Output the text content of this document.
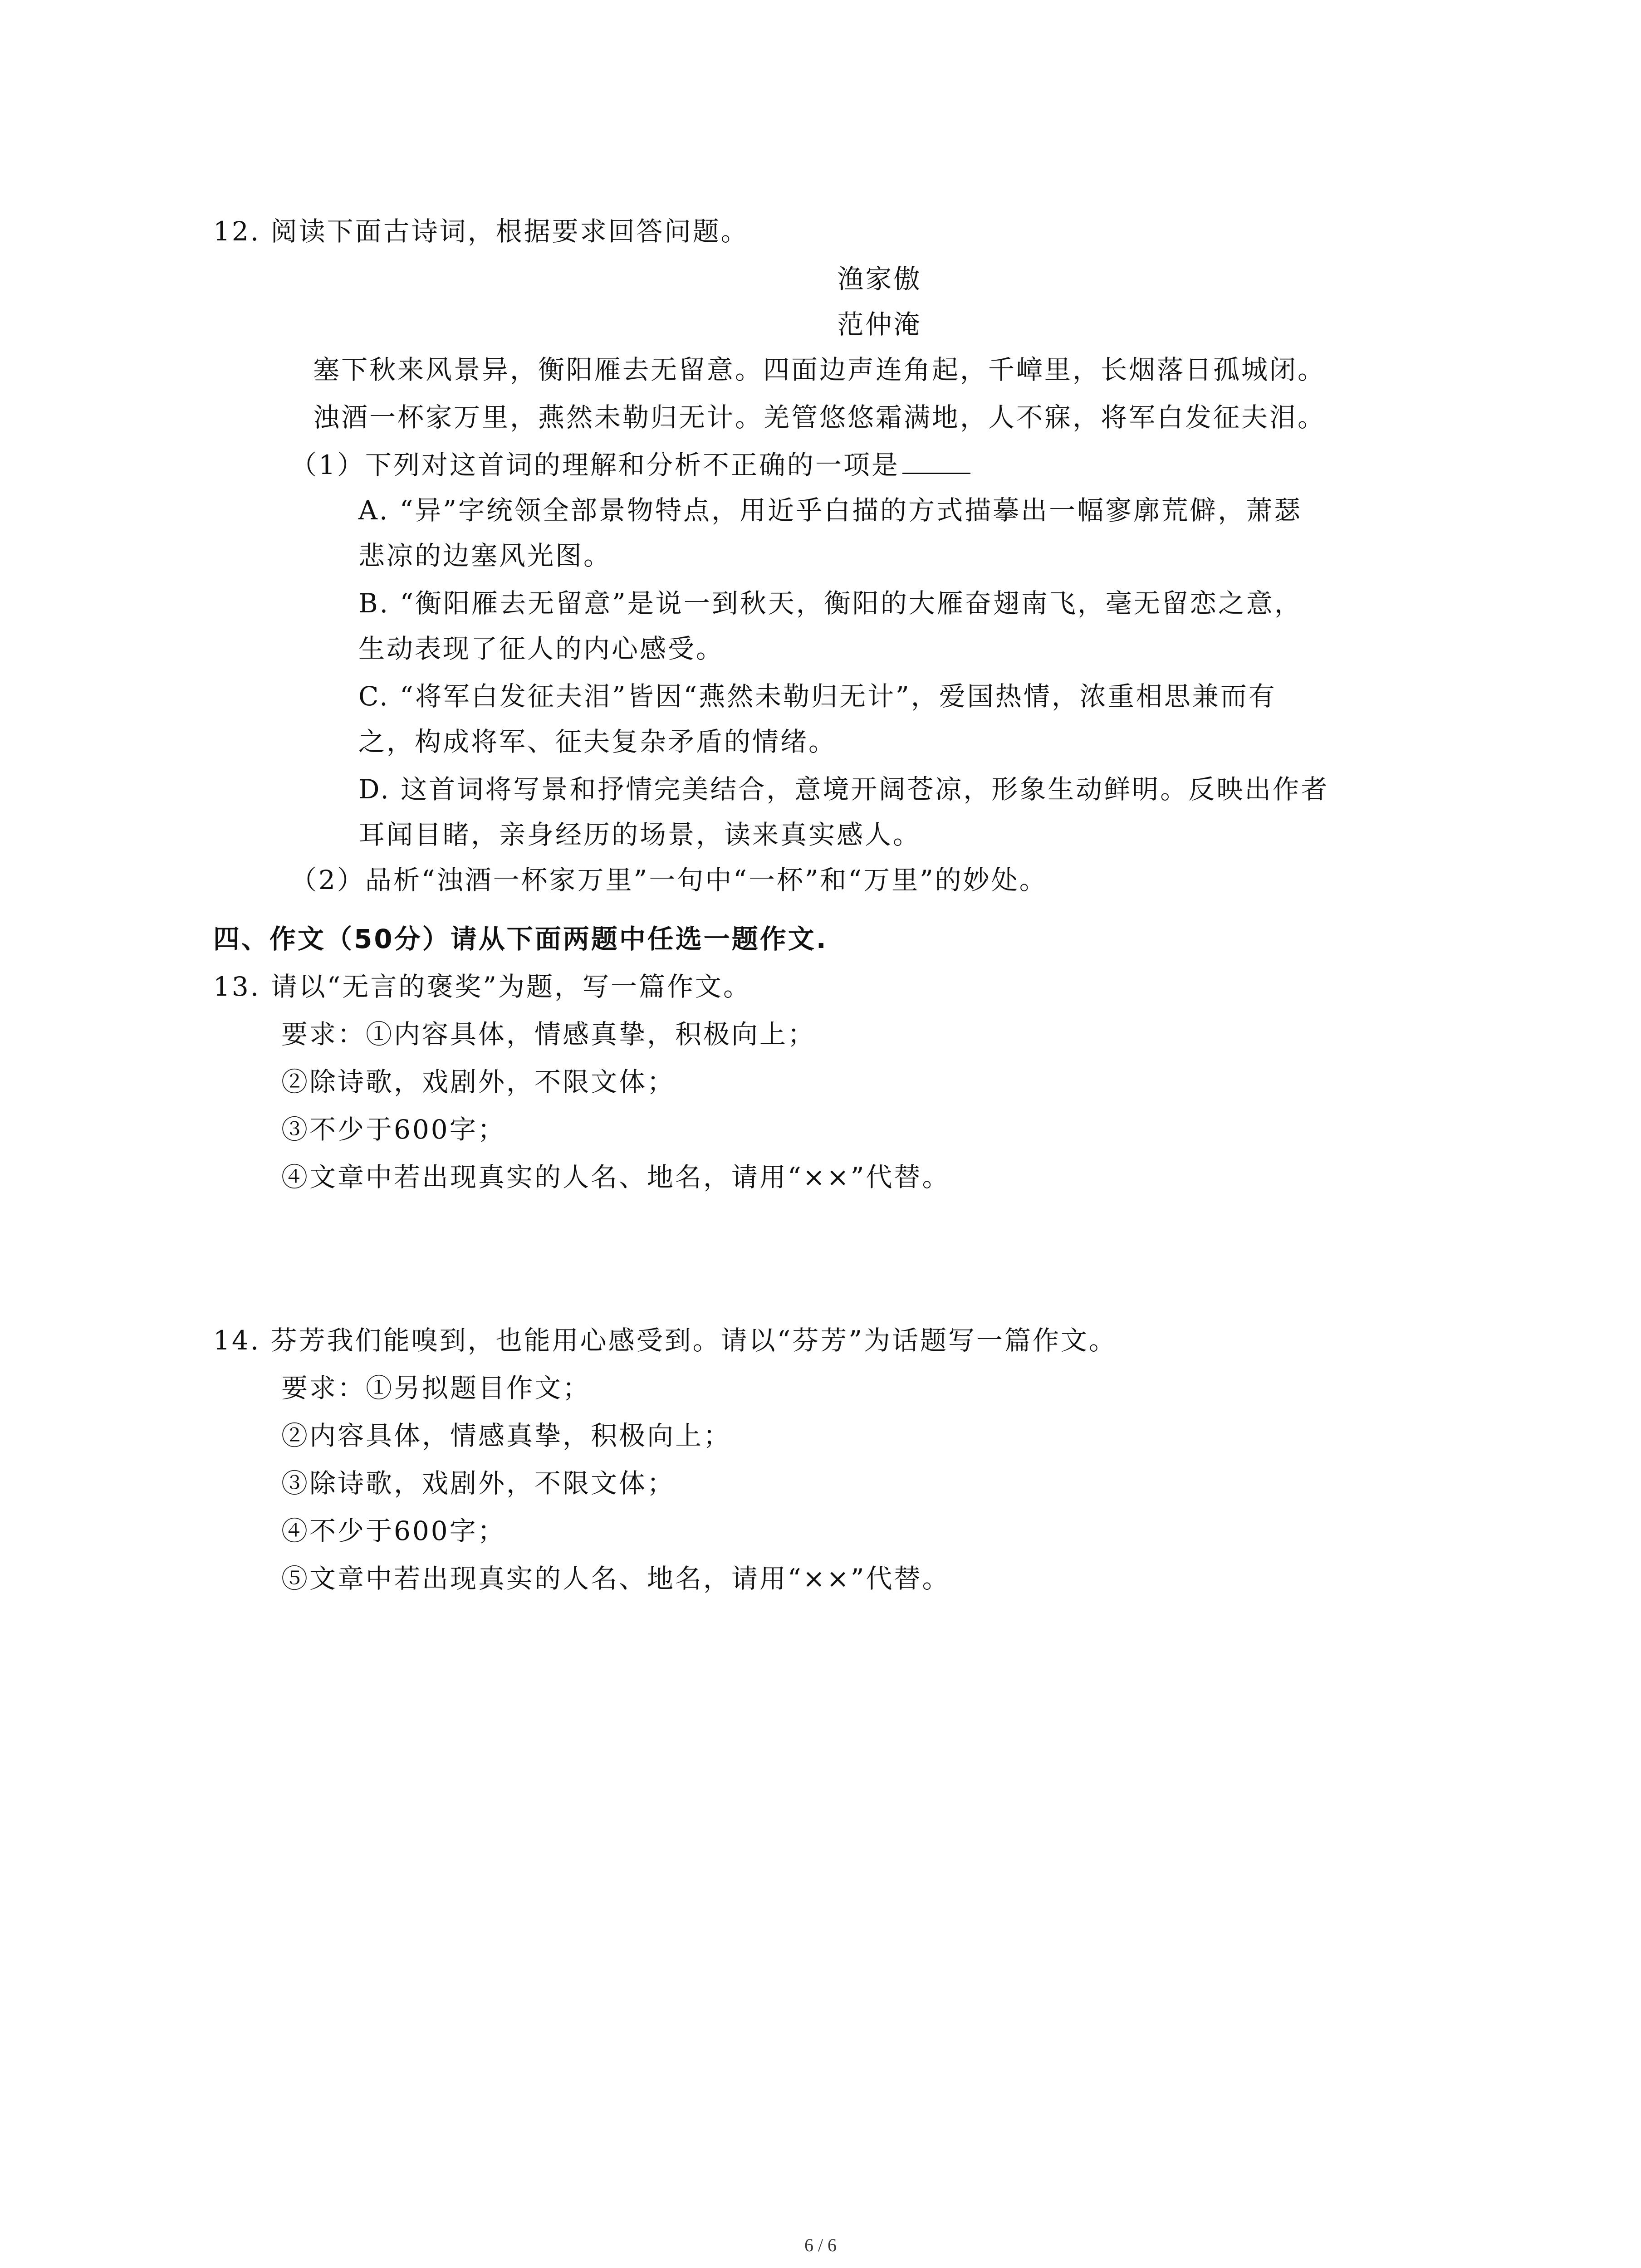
12. 阅读下面古诗词，根据要求回答问题。
渔家傲
范仲淹
塞下秋来风景异，衡阳雁去无留意。四面边声连角起，千嶂里，长烟落日孤城闭。
浊酒一杯家万里，燕然未勒归无计。羌管悠悠霜满地，人不寐，将军白发征夫泪。
（1）下列对这首词的理解和分析不正确的一项是
A. “异”字统领全部景物特点，用近乎白描的方式描摹出一幅寥廓荒僻，萧瑟
悲凉的边塞风光图。
B. “衡阳雁去无留意”是说一到秋天，衡阳的大雁奋翅南飞，毫无留恋之意，
生动表现了征人的内心感受。
C. “将军白发征夫泪”皆因“燕然未勒归无计”，爱国热情，浓重相思兼而有
之，构成将军、征夫复杂矛盾的情绪。
D. 这首词将写景和抒情完美结合，意境开阔苍凉，形象生动鲜明。反映出作者
耳闻目睹，亲身经历的场景，读来真实感人。
（2）品析“浊酒一杯家万里”一句中“一杯”和“万里”的妙处。
四、作文（50分）请从下面两题中任选一题作文.
13. 请以“无言的褒奖”为题，写一篇作文。
要求：①内容具体，情感真挚，积极向上；
②除诗歌，戏剧外，不限文体；
③不少于600字；
④文章中若出现真实的人名、地名，请用“××”代替。
14. 芬芳我们能嗅到，也能用心感受到。请以“芬芳”为话题写一篇作文。
要求：①另拟题目作文；
②内容具体，情感真挚，积极向上；
③除诗歌，戏剧外，不限文体；
④不少于600字；
⑤文章中若出现真实的人名、地名，请用“××”代替。
6 / 6
